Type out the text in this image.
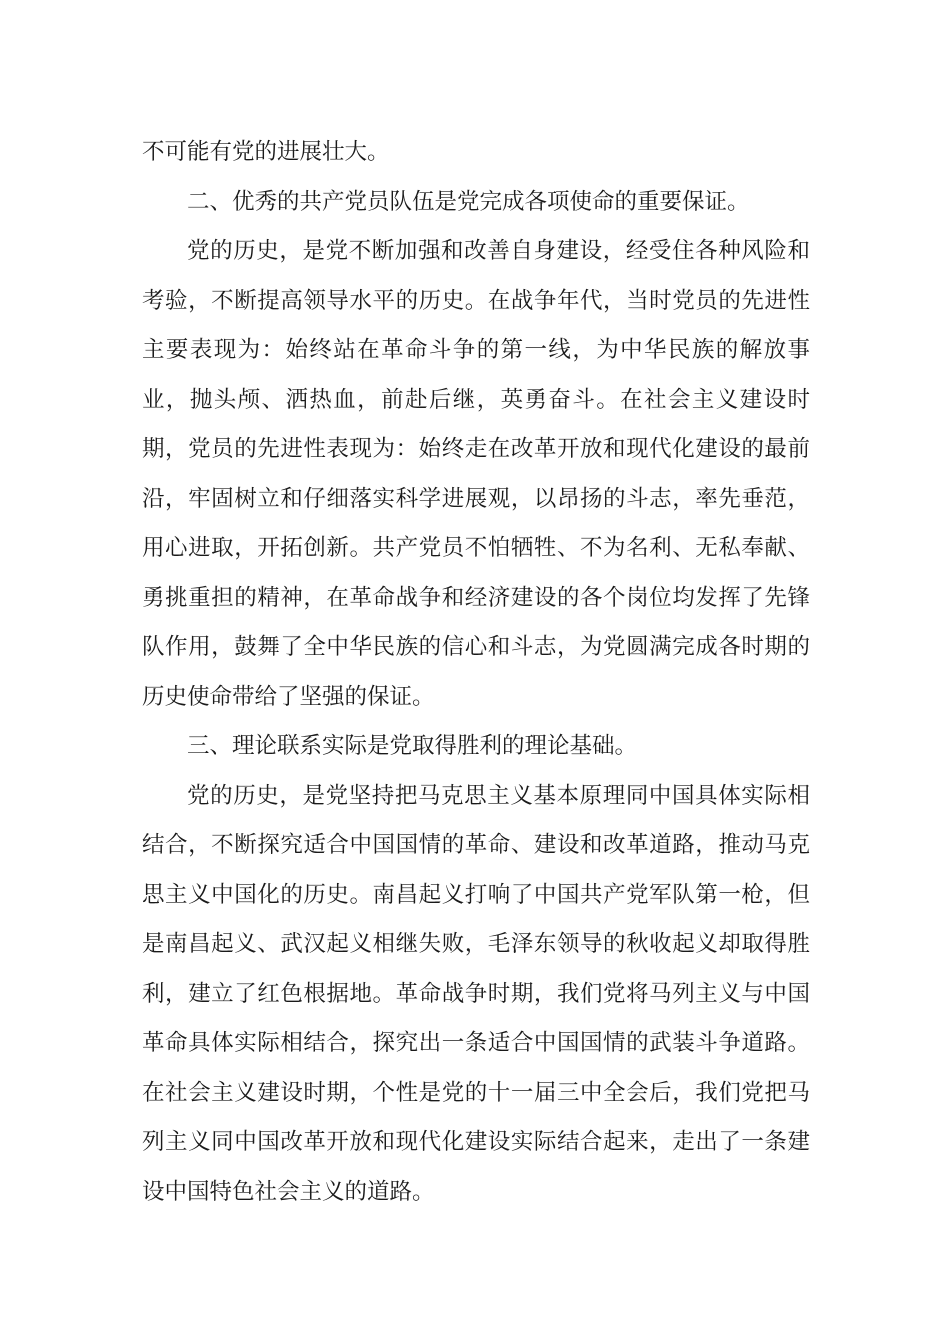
不可能有党的进展壮大。

二、优秀的共产党员队伍是党完成各项使命的重要保证。

党的历史，是党不断加强和改善自身建设，经受住各种风险和考验，不断提高领导水平的历史。在战争年代，当时党员的先进性主要表现为：始终站在革命斗争的第一线，为中华民族的解放事业，抛头颅、洒热血，前赴后继，英勇奋斗。在社会主义建设时期，党员的先进性表现为：始终走在改革开放和现代化建设的最前沿，牢固树立和仔细落实科学进展观，以昂扬的斗志，率先垂范，用心进取，开拓创新。共产党员不怕牺牲、不为名利、无私奉献、勇挑重担的精神，在革命战争和经济建设的各个岗位均发挥了先锋队作用，鼓舞了全中华民族的信心和斗志，为党圆满完成各时期的历史使命带给了坚强的保证。

三、理论联系实际是党取得胜利的理论基础。

党的历史，是党坚持把马克思主义基本原理同中国具体实际相结合，不断探究适合中国国情的革命、建设和改革道路，推动马克思主义中国化的历史。南昌起义打响了中国共产党军队第一枪，但是南昌起义、武汉起义相继失败，毛泽东领导的秋收起义却取得胜利，建立了红色根据地。革命战争时期，我们党将马列主义与中国革命具体实际相结合，探究出一条适合中国国情的武装斗争道路。在社会主义建设时期，个性是党的十一届三中全会后，我们党把马列主义同中国改革开放和现代化建设实际结合起来，走出了一条建设中国特色社会主义的道路。
